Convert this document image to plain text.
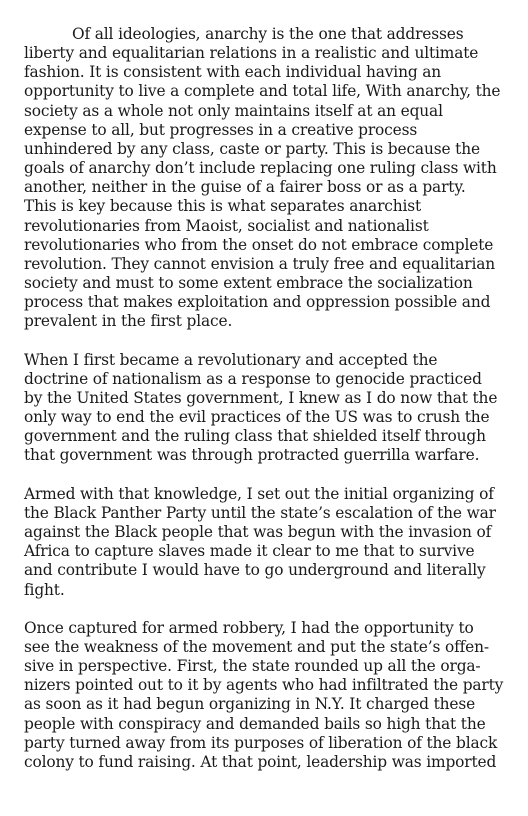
Of all ideologies, anarchy is the one that addresses
liberty and equalitarian relations in a realistic and ultimate
fashion. It is consistent with each individual having an
opportunity to live a complete and total life, With anarchy, the
society as a whole not only maintains itself at an equal
expense to all, but progresses in a creative process
unhindered by any class, caste or party. This is because the
goals of anarchy don’t include replacing one ruling class with
another, neither in the guise of a fairer boss or as a party.
This is key because this is what separates anarchist
revolutionaries from Maoist, socialist and nationalist
revolutionaries who from the onset do not embrace complete
revolution. They cannot envision a truly free and equalitarian
society and must to some extent embrace the socialization
process that makes exploitation and oppression possible and
prevalent in the first place.

When I first became a revolutionary and accepted the
doctrine of nationalism as a response to genocide practiced
by the United States government, I knew as I do now that the
only way to end the evil practices of the US was to crush the
government and the ruling class that shielded itself through
that government was through protracted guerrilla warfare.

Armed with that knowledge, I set out the initial organizing of
the Black Panther Party until the state’s escalation of the war
against the Black people that was begun with the invasion of
Africa to capture slaves made it clear to me that to survive
and contribute I would have to go underground and literally
fight.

Once captured for armed robbery, I had the opportunity to
see the weakness of the movement and put the state’s offen-
sive in perspective. First, the state rounded up all the orga-
nizers pointed out to it by agents who had infiltrated the party
as soon as it had begun organizing in N.Y. It charged these
people with conspiracy and demanded bails so high that the
party turned away from its purposes of liberation of the black
colony to fund raising. At that point, leadership was imported
